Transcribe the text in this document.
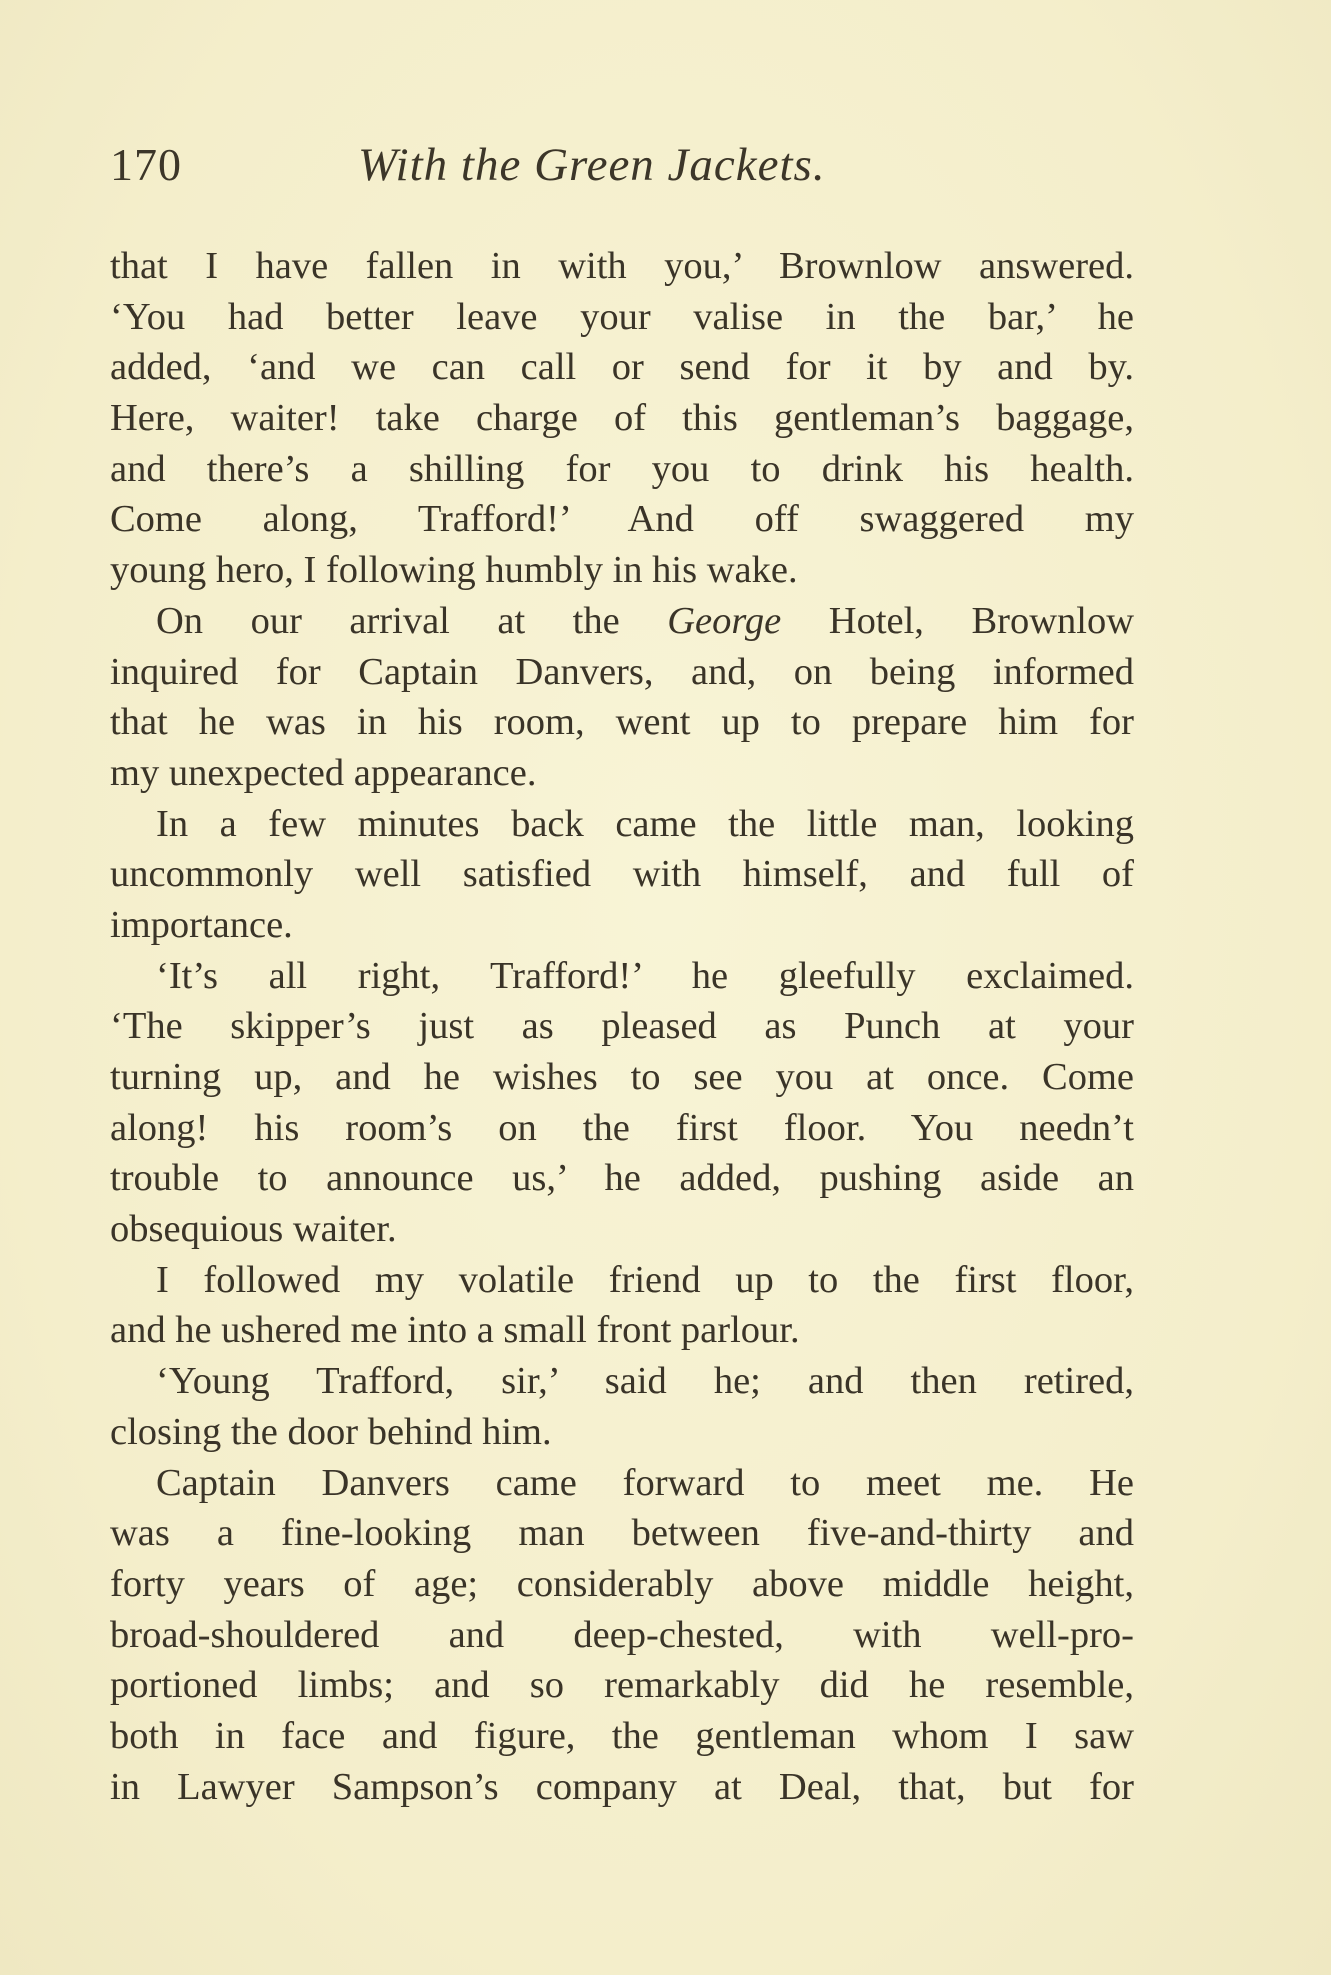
170	With the Green Jackets.
that I have fallen in with you,’ Brownlow answered.
‘You had better leave your valise in the bar,’ he
added, ‘and we can call or send for it by and by.
Here, waiter! take charge of this gentleman’s baggage,
and there’s a shilling for you to drink his health.
Come along, Trafford!’ And off swaggered my
young hero, I following humbly in his wake.
On our arrival at the George Hotel, Brownlow
inquired for Captain Danvers, and, on being informed
that he was in his room, went up to prepare him for
my unexpected appearance.
In a few minutes back came the little man, looking
uncommonly well satisfied with himself, and full of
importance.
‘It’s all right, Trafford!’ he gleefully exclaimed.
‘The skipper’s just as pleased as Punch at your
turning up, and he wishes to see you at once. Come
along! his room’s on the first floor. You needn’t
trouble to announce us,’ he added, pushing aside an
obsequious waiter.
I followed my volatile friend up to the first floor,
and he ushered me into a small front parlour.
‘Young Trafford, sir,’ said he; and then retired,
closing the door behind him.
Captain Danvers came forward to meet me. He
was a fine-looking man between five-and-thirty and
forty years of age; considerably above middle height,
broad-shouldered and deep-chested, with well-pro-
portioned limbs; and so remarkably did he resemble,
both in face and figure, the gentleman whom I saw
in Lawyer Sampson’s company at Deal, that, but for
